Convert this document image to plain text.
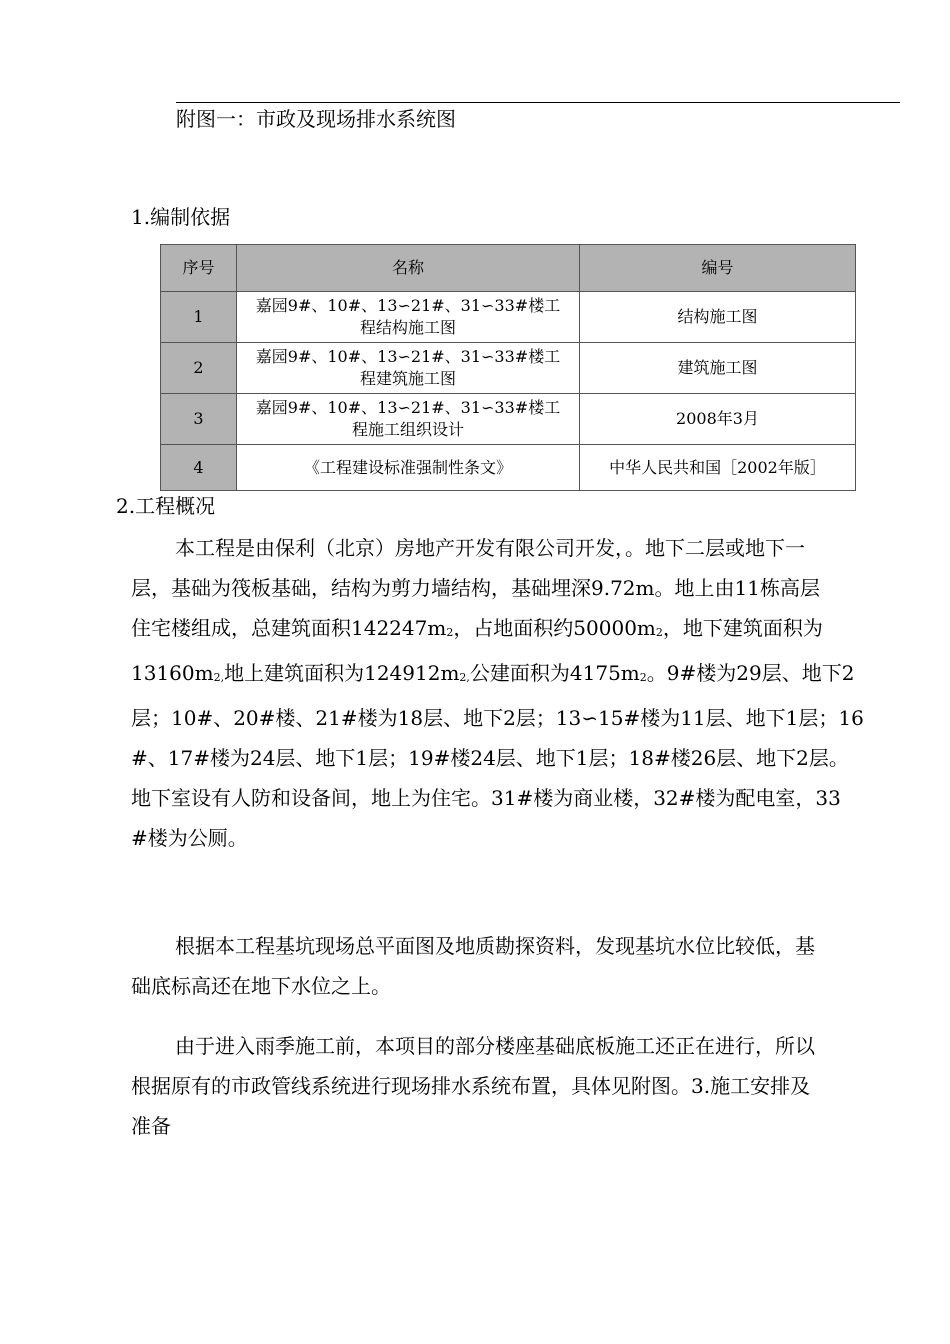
附图一：市政及现场排水系统图
1.编制依据
序号	名称	编号
1	嘉园9#、10#、13∽21#、31∽33#楼工
程结构施工图	结构施工图
2	嘉园9#、10#、13∽21#、31∽33#楼工
程建筑施工图	建筑施工图
3	嘉园9#、10#、13∽21#、31∽33#楼工
程施工组织设计	2008年3月
4	《工程建设标准强制性条文》	中华人民共和国［2002年版］
2.工程概况
本工程是由保利（北京）房地产开发有限公司开发，。地下二层或地下一
层，基础为筏板基础，结构为剪力墙结构，基础埋深9.72m。地上由11栋高层
住宅楼组成，总建筑面积142247m2，占地面积约50000m2，地下建筑面积为
13160m2,地上建筑面积为124912m2,公建面积为4175m2。9#楼为29层、地下2
层；10#、20#楼、21#楼为18层、地下2层；13∽15#楼为11层、地下1层；16
#、17#楼为24层、地下1层；19#楼24层、地下1层；18#楼26层、地下2层。
地下室设有人防和设备间，地上为住宅。31#楼为商业楼，32#楼为配电室，33
#楼为公厕。
根据本工程基坑现场总平面图及地质勘探资料，发现基坑水位比较低，基
础底标高还在地下水位之上。
由于进入雨季施工前，本项目的部分楼座基础底板施工还正在进行，所以
根据原有的市政管线系统进行现场排水系统布置，具体见附图。3.施工安排及
准备
